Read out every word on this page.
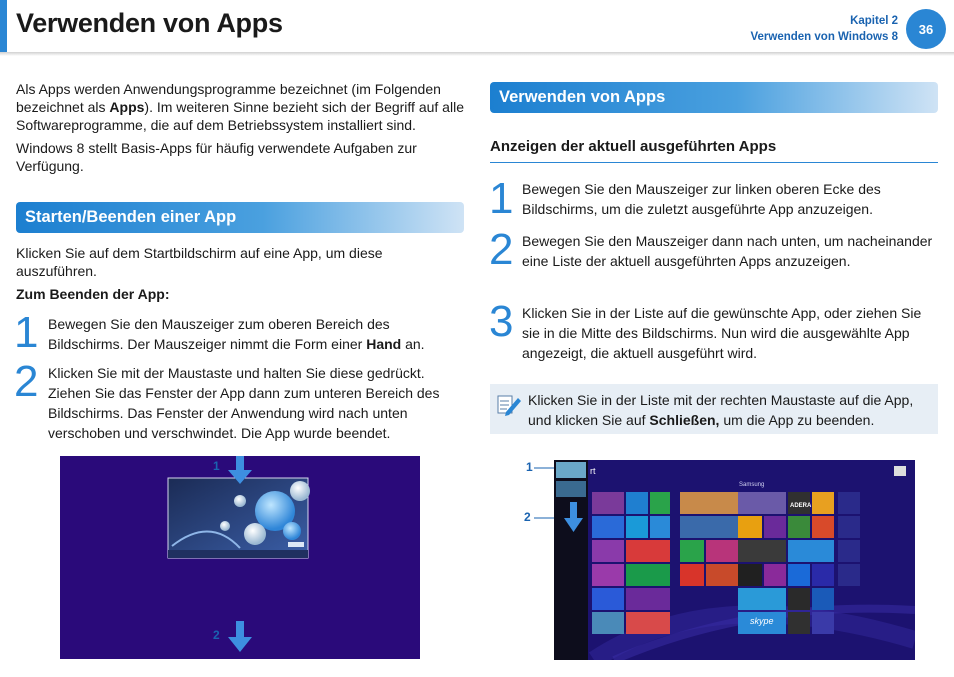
Verwenden von Apps	Kapitel 2
Verwenden von Windows 8
36
Als Apps werden Anwendungsprogramme bezeichnet (im Folgenden bezeichnet als Apps). Im weiteren Sinne bezieht sich der Begriff auf alle Softwareprogramme, die auf dem Betriebssystem installiert sind.
Windows 8 stellt Basis-Apps für häufig verwendete Aufgaben zur Verfügung.
Starten/Beenden einer App
Klicken Sie auf dem Startbildschirm auf eine App, um diese auszuführen.
Zum Beenden der App:
1 Bewegen Sie den Mauszeiger zum oberen Bereich des Bildschirms. Der Mauszeiger nimmt die Form einer Hand an.
2 Klicken Sie mit der Maustaste und halten Sie diese gedrückt. Ziehen Sie das Fenster der App dann zum unteren Bereich des Bildschirms. Das Fenster der Anwendung wird nach unten verschoben und verschwindet. Die App wurde beendet.
1
2
Verwenden von Apps
Anzeigen der aktuell ausgeführten Apps
1 Bewegen Sie den Mauszeiger zur linken oberen Ecke des Bildschirms, um die zuletzt ausgeführte App anzuzeigen.
2 Bewegen Sie den Mauszeiger dann nach unten, um nacheinander eine Liste der aktuell ausgeführten Apps anzuzeigen.
3 Klicken Sie in der Liste auf die gewünschte App, oder ziehen Sie sie in die Mitte des Bildschirms. Nun wird die ausgewählte App angezeigt, die aktuell ausgeführt wird.
Klicken Sie in der Liste mit der rechten Maustaste auf die App, und klicken Sie auf Schließen, um die App zu beenden.
1
2
rt
Samsung
ADERA
skype
